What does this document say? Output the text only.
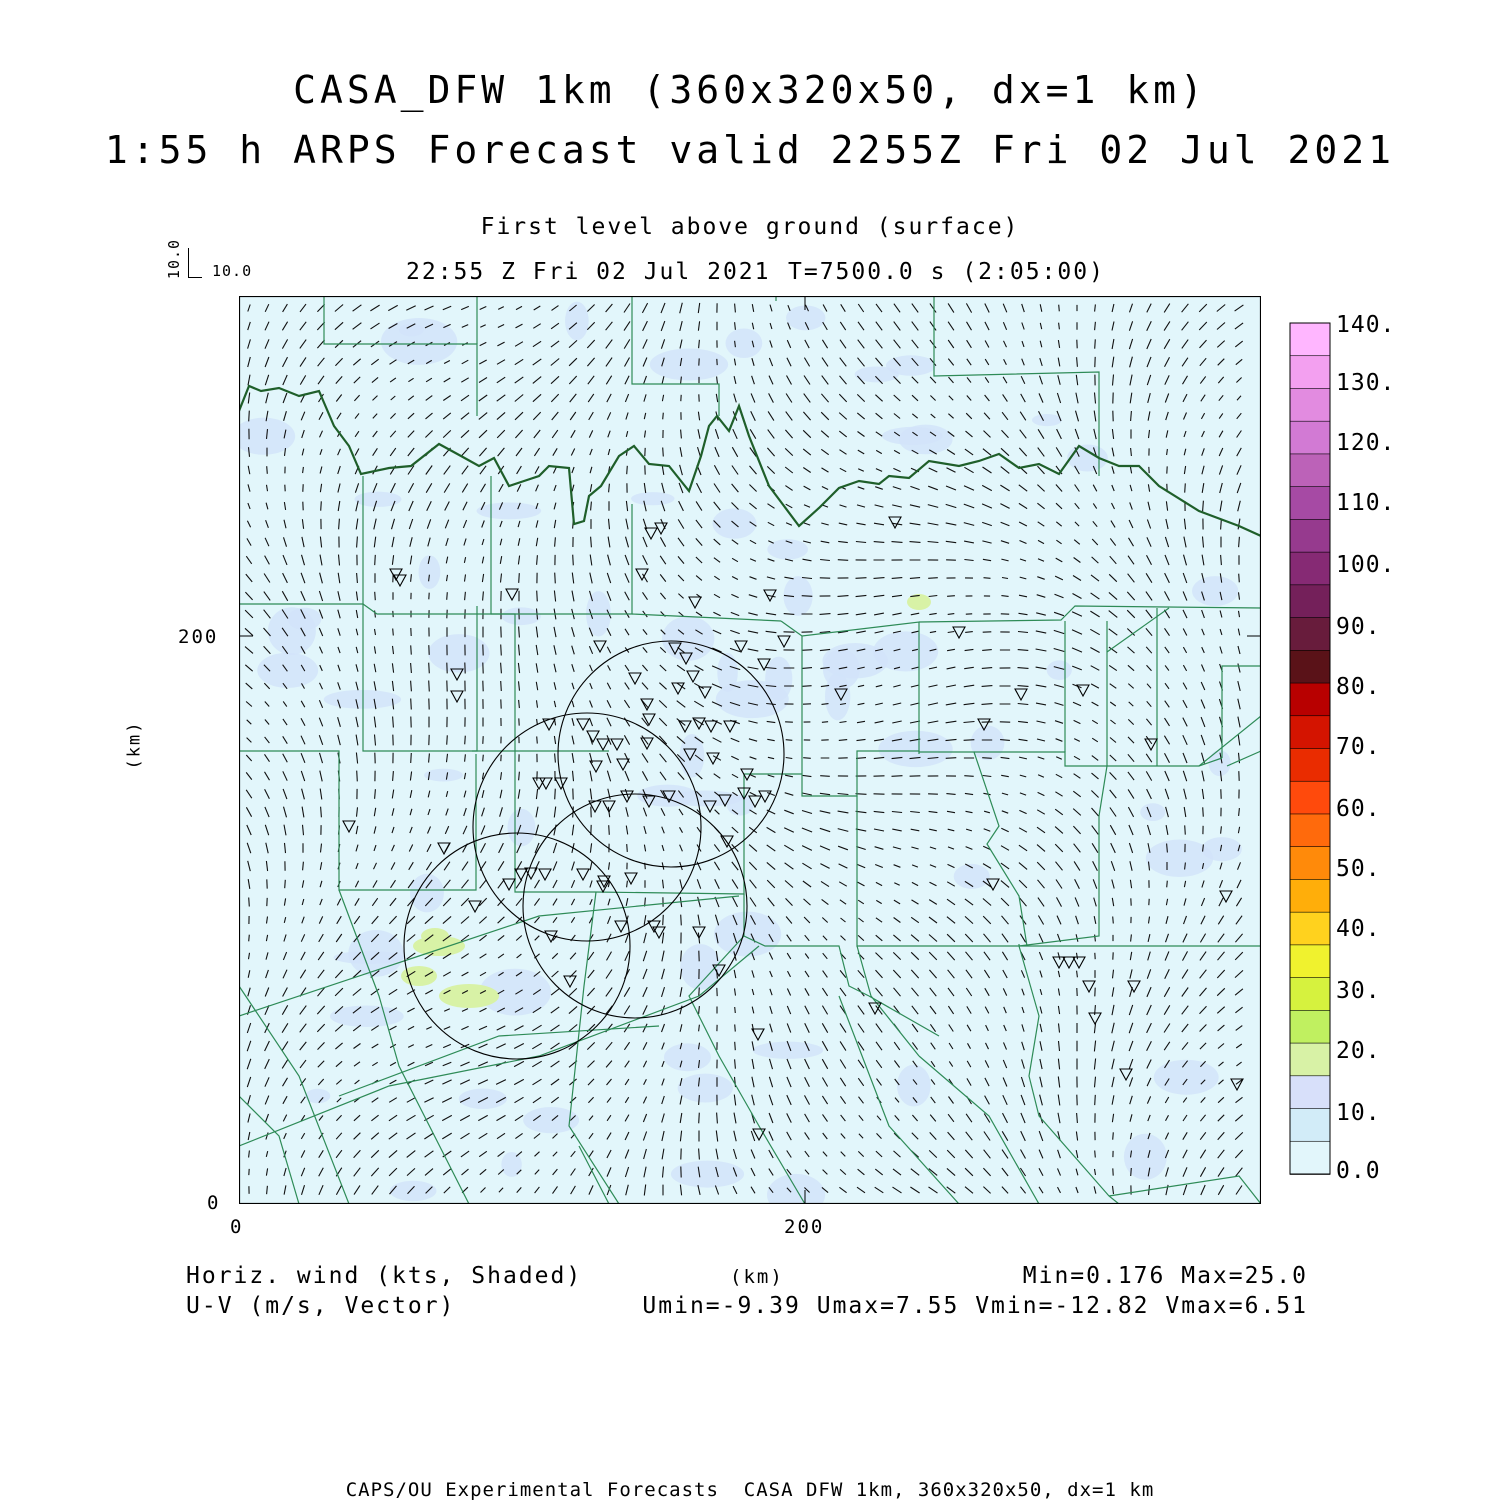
CASA_DFW 1km (360x320x50, dx=1 km)
1:55 h ARPS Forecast valid 2255Z Fri 02 Jul 2021
First level above ground (surface)
22:55 Z Fri 02 Jul 2021 T=7500.0 s (2:05:00)
10.0 10.0
(km)
200
0
0	200
140.
130.
120.
110.
100.
90.
80.
70.
60.
50.
40.
30.
20.
10.
0.0
Horiz. wind (kts, Shaded)
U-V (m/s, Vector)
(km)	Min=0.176 Max=25.0
Umin=-9.39 Umax=7.55 Vmin=-12.82 Vmax=6.51
CAPS/OU Experimental Forecasts  CASA DFW 1km, 360x320x50, dx=1 km
